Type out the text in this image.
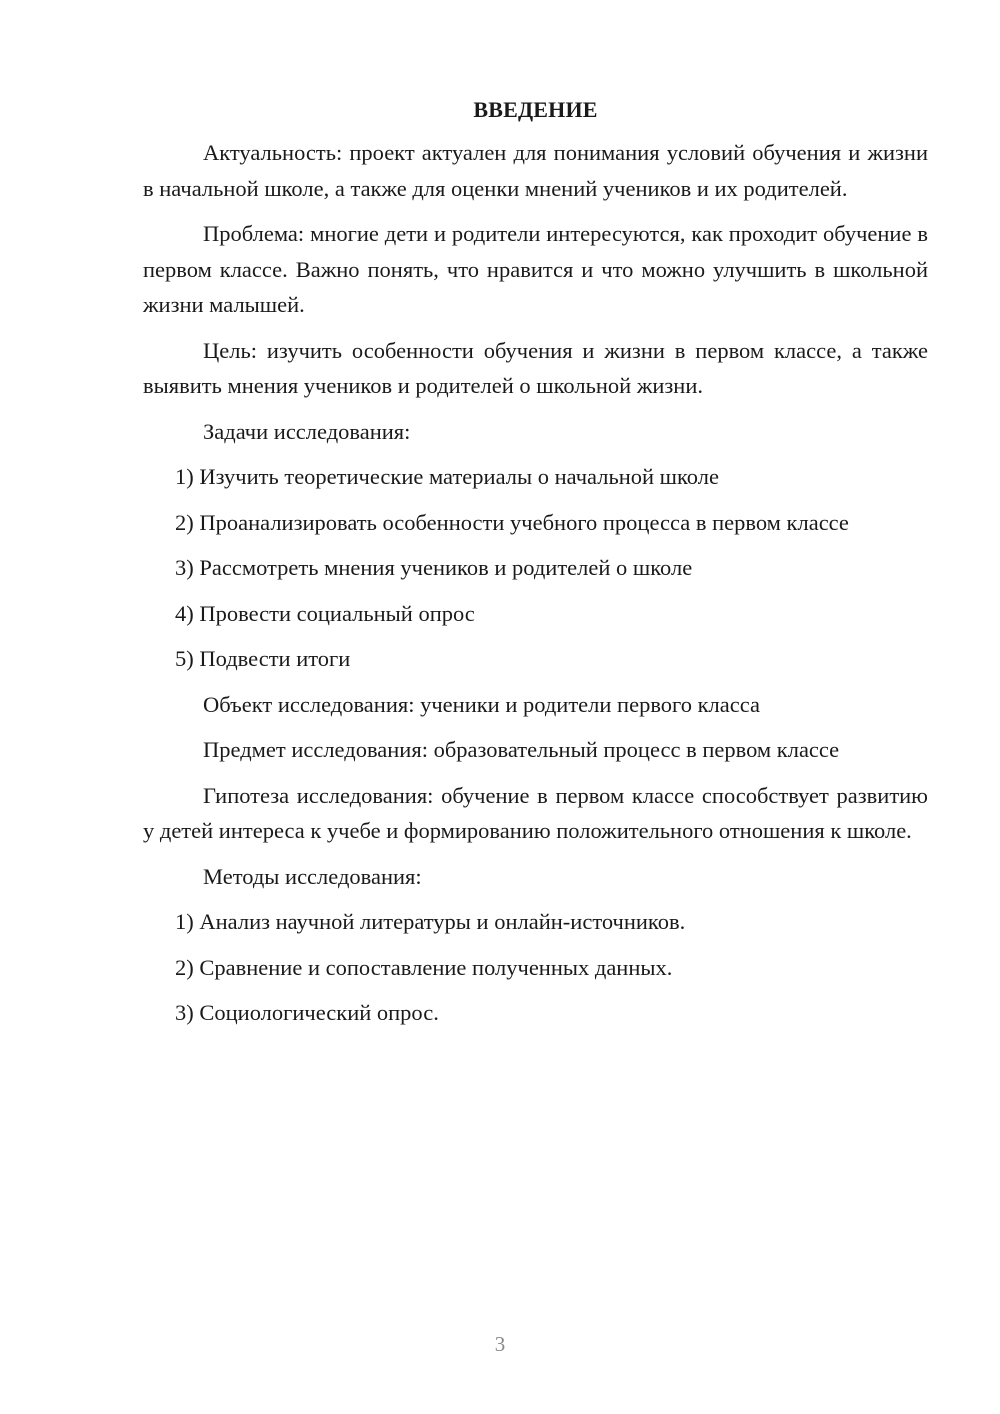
ВВЕДЕНИЕ

Актуальность: проект актуален для понимания условий обучения и жизни в начальной школе, а также для оценки мнений учеников и их родителей.

Проблема: многие дети и родители интересуются, как проходит обучение в первом классе. Важно понять, что нравится и что можно улучшить в школьной жизни малышей.

Цель: изучить особенности обучения и жизни в первом классе, а также выявить мнения учеников и родителей о школьной жизни.

Задачи исследования:

1) Изучить теоретические материалы о начальной школе

2) Проанализировать особенности учебного процесса в первом классе

3) Рассмотреть мнения учеников и родителей о школе

4) Провести социальный опрос

5) Подвести итоги

Объект исследования: ученики и родители первого класса

Предмет исследования: образовательный процесс в первом классе

Гипотеза исследования: обучение в первом классе способствует развитию у детей интереса к учебе и формированию положительного отношения к школе.

Методы исследования:

1) Анализ научной литературы и онлайн-источников.

2) Сравнение и сопоставление полученных данных.

3) Социологический опрос.

3
